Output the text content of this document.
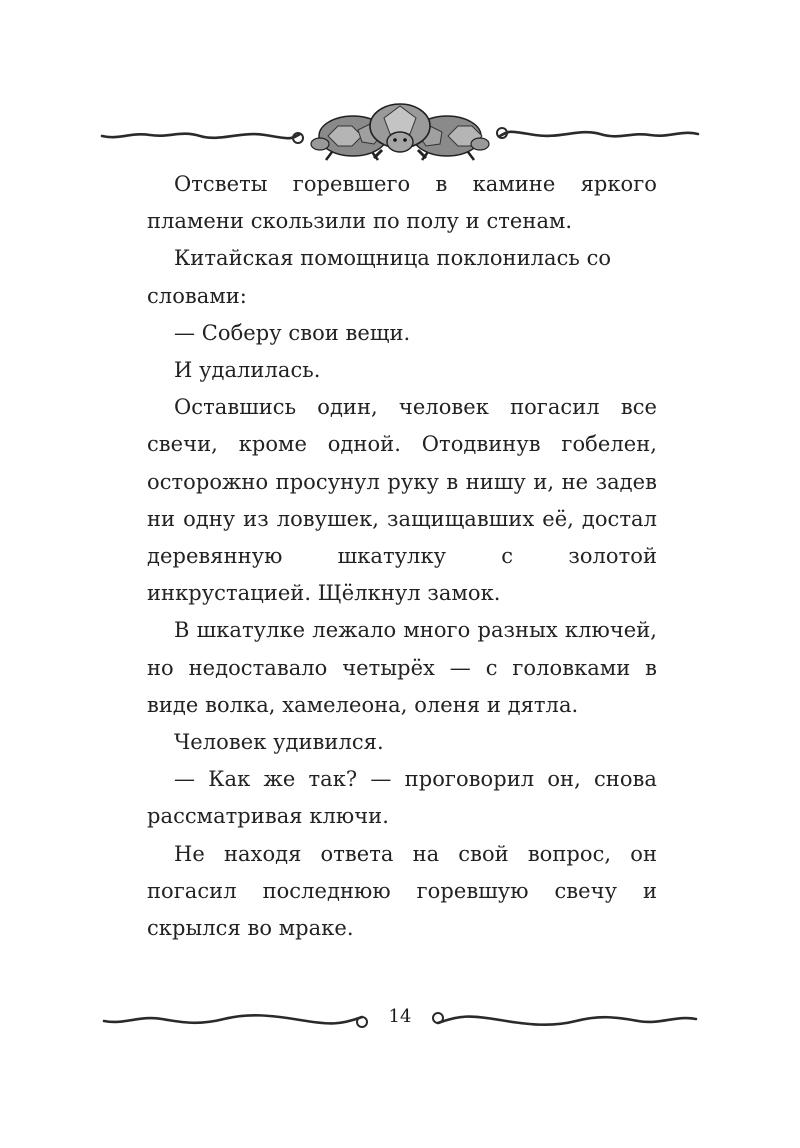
Отсветы горевшего в камине яркого пламени скользили по полу и стенам.

Китайская помощница поклонилась со словами:

— Соберу свои вещи.

И удалилась.

Оставшись один, человек погасил все свечи, кроме одной. Отодвинув гобелен, осторожно просунул руку в нишу и, не задев ни одну из ловушек, защищавших её, достал деревянную шкатулку с золотой инкрустацией. Щёлкнул замок.

В шкатулке лежало много разных ключей, но недоставало четырёх — с головками в виде волка, хамелеона, оленя и дятла.

Человек удивился.

— Как же так? — проговорил он, снова рассматривая ключи.

Не находя ответа на свой вопрос, он погасил последнюю горевшую свечу и скрылся во мраке.

14
